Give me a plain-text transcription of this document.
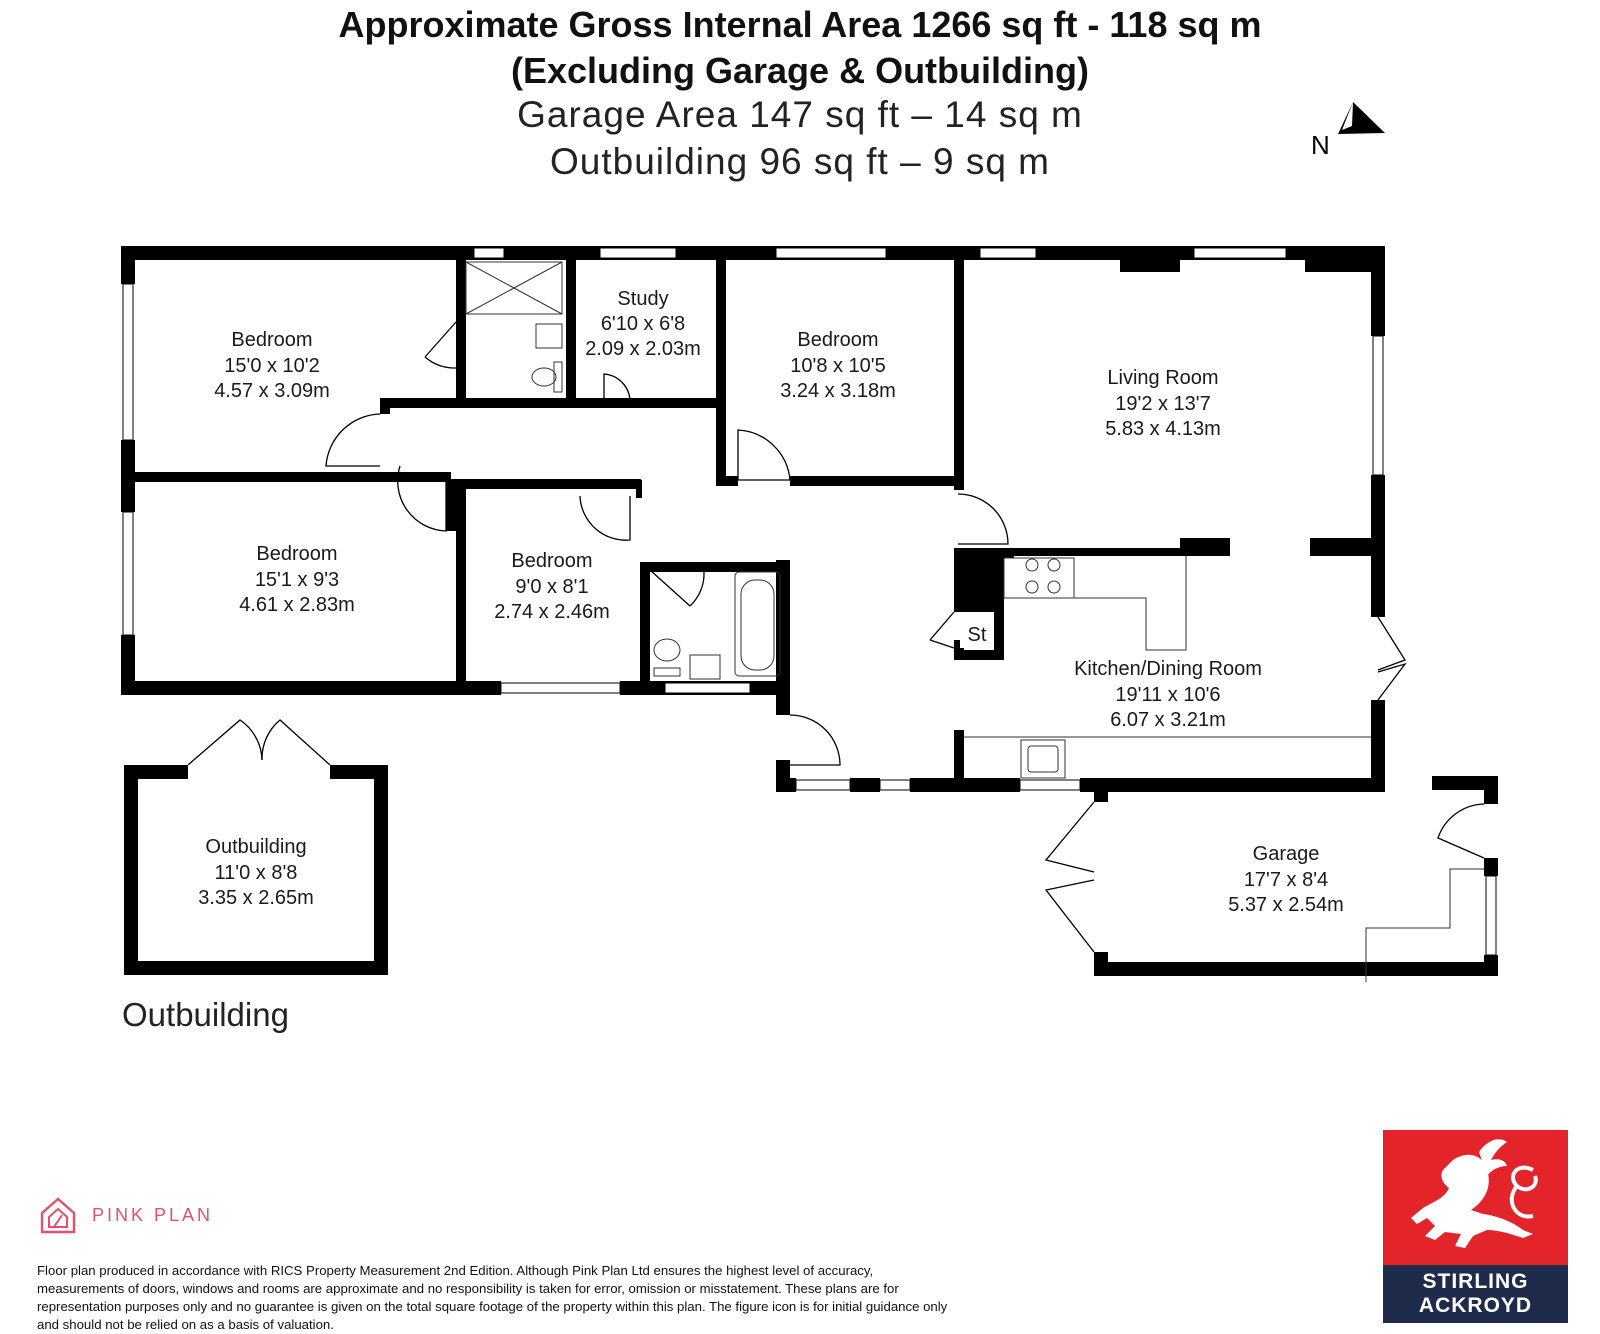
Approximate Gross Internal Area 1266 sq ft - 118 sq m
(Excluding Garage & Outbuilding)
Garage Area 147 sq ft – 14 sq m
Outbuilding 96 sq ft – 9 sq m	N
Bedroom
15'0 x 10'2
4.57 x 3.09m
Study
6'10 x 6'8
2.09 x 2.03m	Bedroom
10'8 x 10'5
3.24 x 3.18m
Living Room
19'2 x 13'7
5.83 x 4.13m
Bedroom
15'1 x 9'3
4.61 x 2.83m
Bedroom
9'0 x 8'1
2.74 x 2.46m
St
Kitchen/Dining Room
19'11 x 10'6
6.07 x 3.21m
Outbuilding
11'0 x 8'8
3.35 x 2.65m
Garage
17'7 x 8'4
5.37 x 2.54m
Outbuilding
PINK PLAN
Floor plan produced in accordance with RICS Property Measurement 2nd Edition. Although Pink Plan Ltd ensures the highest level of accuracy, measurements of doors, windows and rooms are approximate and no responsibility is taken for error, omission or misstatement. These plans are for representation purposes only and no guarantee is given on the total square footage of the property within this plan. The figure icon is for initial guidance only and should not be relied on as a basis of valuation.
STIRLING
ACKROYD
